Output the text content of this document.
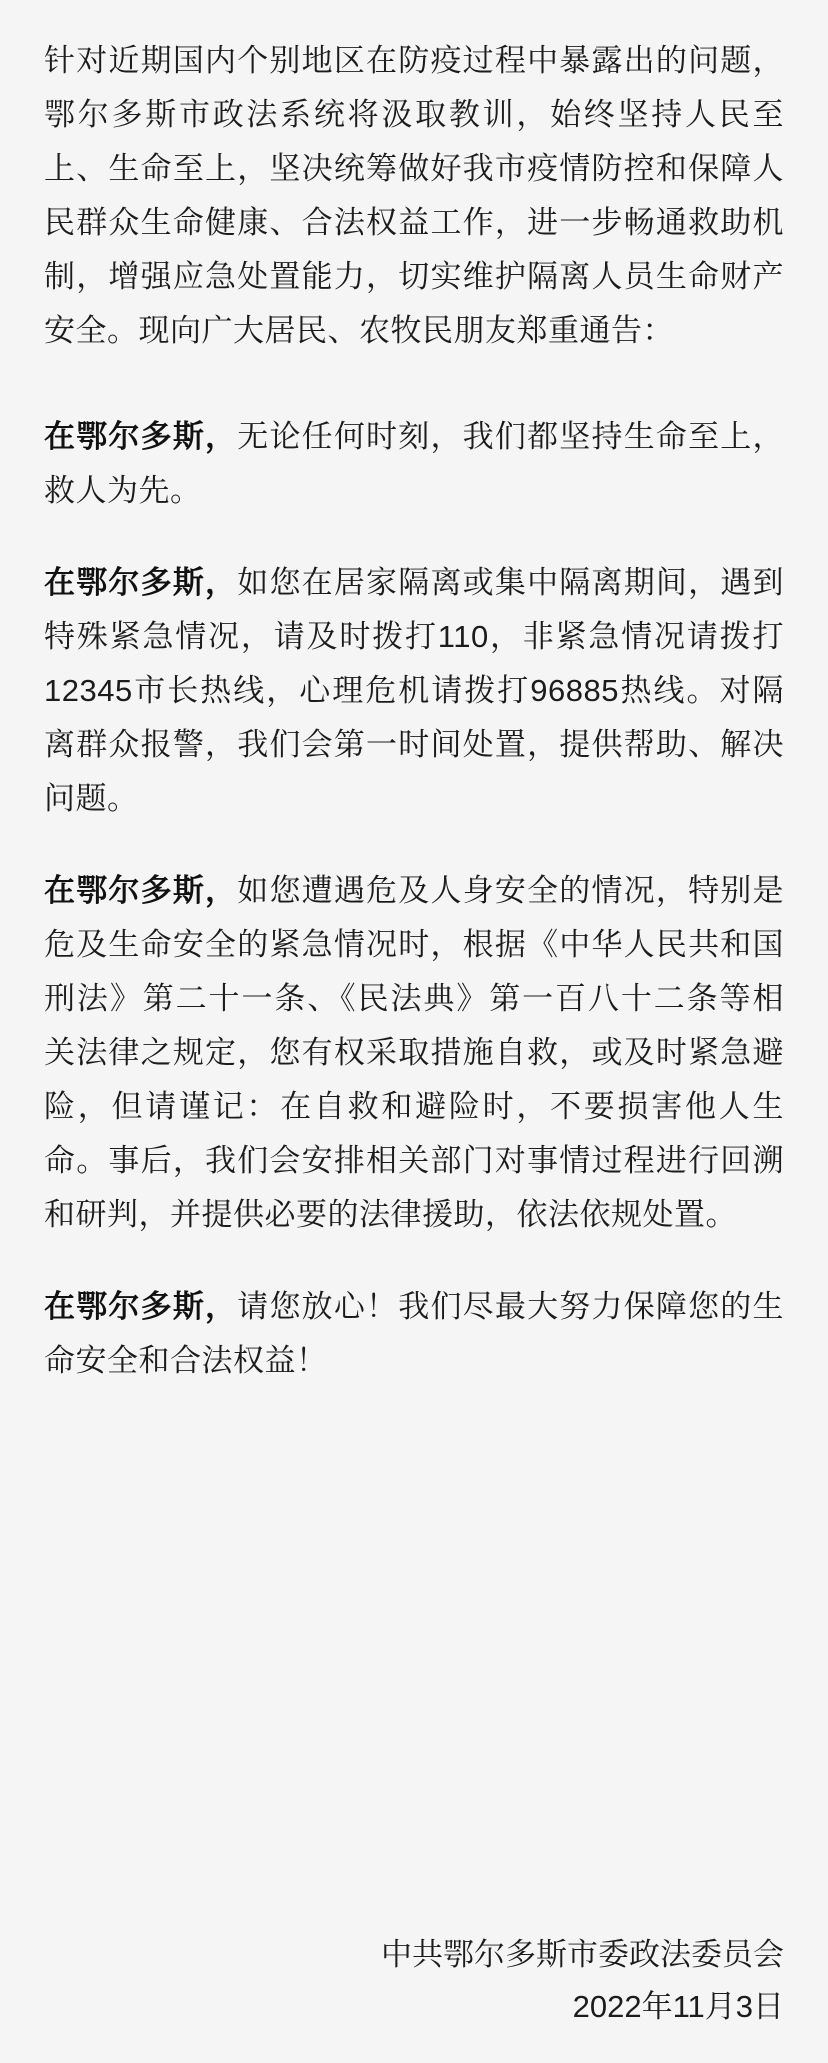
针对近期国内个别地区在防疫过程中暴露出的问题，鄂尔多斯市政法系统将汲取教训，始终坚持人民至上、生命至上，坚决统筹做好我市疫情防控和保障人民群众生命健康、合法权益工作，进一步畅通救助机制，增强应急处置能力，切实维护隔离人员生命财产安全。现向广大居民、农牧民朋友郑重通告：

在鄂尔多斯，无论任何时刻，我们都坚持生命至上，救人为先。

在鄂尔多斯，如您在居家隔离或集中隔离期间，遇到特殊紧急情况，请及时拨打110，非紧急情况请拨打12345市长热线，心理危机请拨打96885热线。对隔离群众报警，我们会第一时间处置，提供帮助、解决问题。

在鄂尔多斯，如您遭遇危及人身安全的情况，特别是危及生命安全的紧急情况时，根据《中华人民共和国刑法》第二十一条、《民法典》第一百八十二条等相关法律之规定，您有权采取措施自救，或及时紧急避险，但请谨记：在自救和避险时，不要损害他人生命。事后，我们会安排相关部门对事情过程进行回溯和研判，并提供必要的法律援助，依法依规处置。

在鄂尔多斯，请您放心！我们尽最大努力保障您的生命安全和合法权益！

中共鄂尔多斯市委政法委员会
2022年11月3日
